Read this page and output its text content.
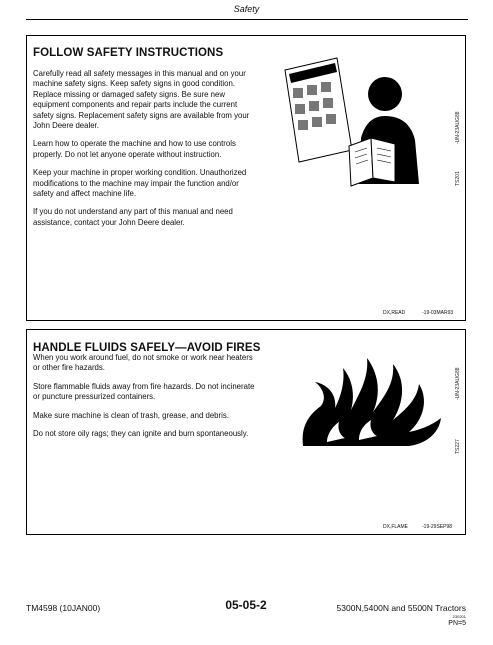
Safety
FOLLOW SAFETY INSTRUCTIONS

Carefully read all safety messages in this manual and on your machine safety signs. Keep safety signs in good condition. Replace missing or damaged safety signs. Be sure new equipment components and repair parts include the current safety signs. Replacement safety signs are available from your John Deere dealer.

Learn how to operate the machine and how to use controls properly. Do not let anyone operate without instruction.

Keep your machine in proper working condition. Unauthorized modifications to the machine may impair the function and/or safety and affect machine life.

If you do not understand any part of this manual and need assistance, contact your John Deere dealer.

-UN-23AUG88
TS201
DX,READ	-19-03MAR93
HANDLE FLUIDS SAFELY—AVOID FIRES

When you work around fuel, do not smoke or work near heaters or other fire hazards.

Store flammable fluids away from fire hazards. Do not incinerate or puncture pressurized containers.

Make sure machine is clean of trash, grease, and debris.

Do not store oily rags; they can ignite and burn spontaneously.

-UN-23AUG88
TS227
DX,FLAME	-19-29SEP98
TM4598 (10JAN00)	05-05-2	5300N,5400N and 5500N Tractors
230201
PN=5
